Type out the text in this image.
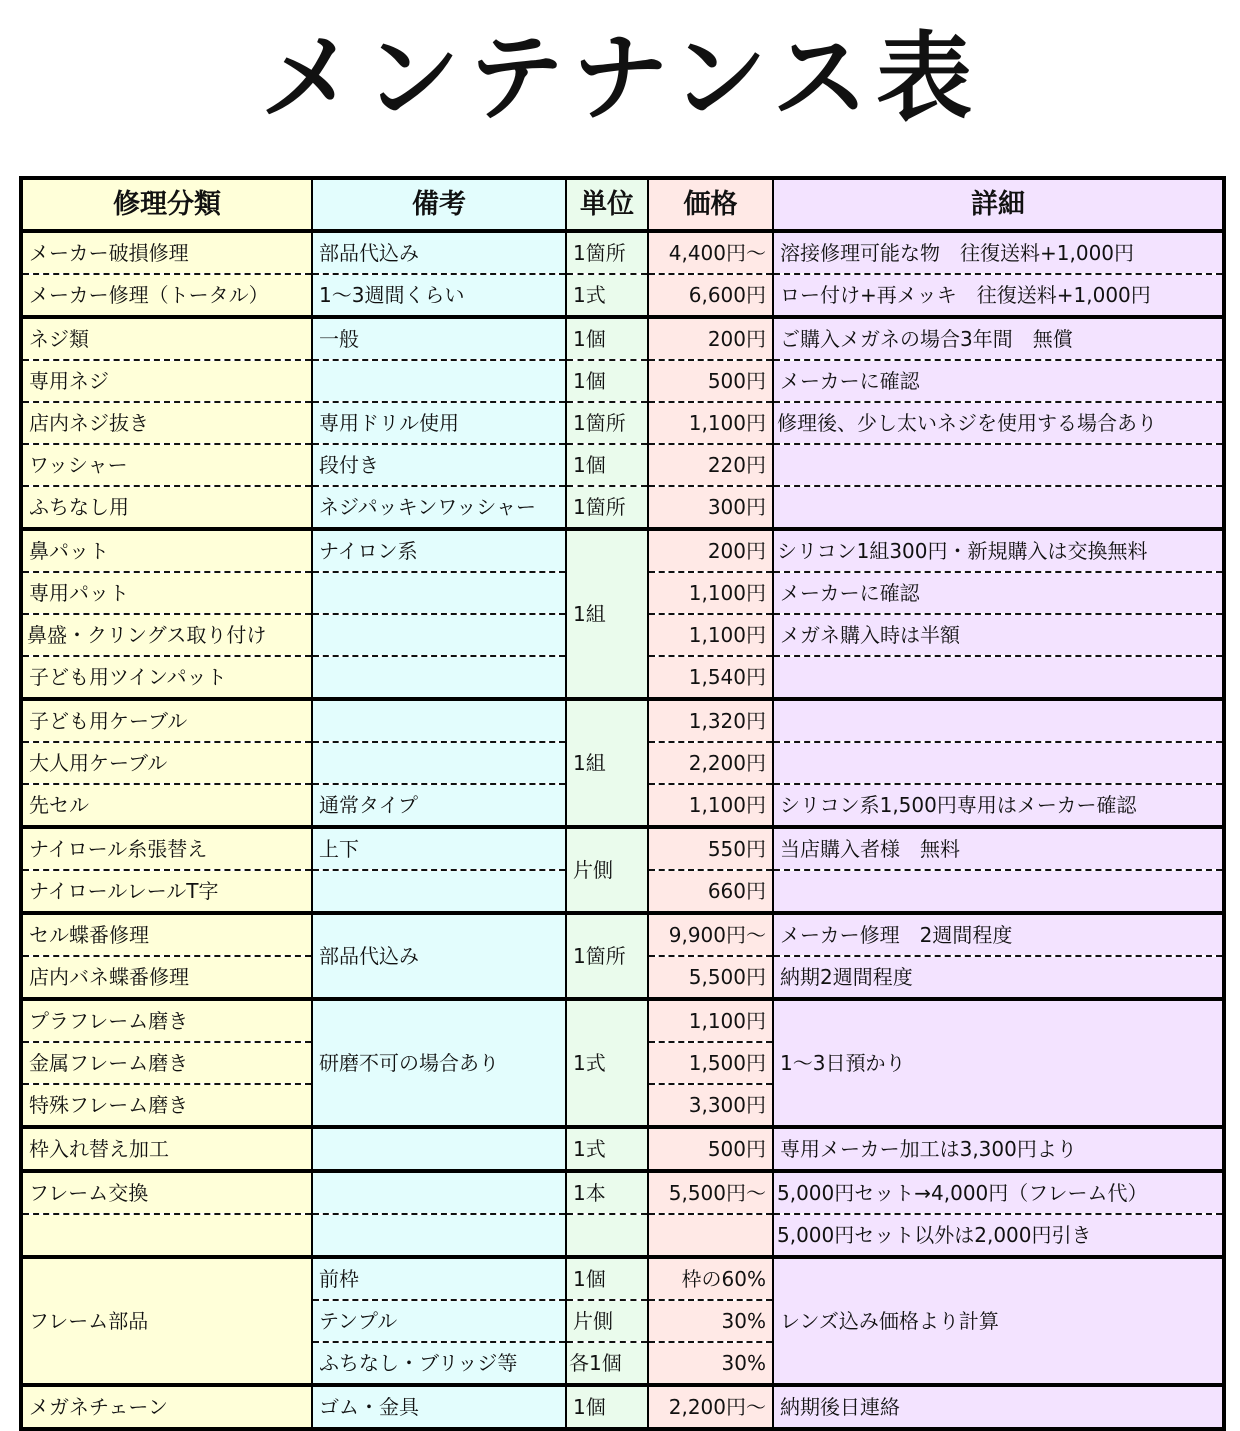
メンテナンス表
修理分類	備考	単位	価格	詳細
メーカー破損修理	部品代込み	1箇所	4,400円～	溶接修理可能な物　往復送料+1,000円
メーカー修理（トータル）	1～3週間くらい	1式	6,600円	ロー付け+再メッキ　往復送料+1,000円
ネジ類	一般	1個	200円	ご購入メガネの場合3年間　無償
専用ネジ		1個	500円	メーカーに確認
店内ネジ抜き	専用ドリル使用	1箇所	1,100円	修理後、少し太いネジを使用する場合あり
ワッシャー	段付き	1個	220円	
ふちなし用	ネジパッキンワッシャー	1箇所	300円	
鼻パット	ナイロン系	1組	200円	シリコン1組300円・新規購入は交換無料
専用パット			1,100円	メーカーに確認
鼻盛・クリングス取り付け			1,100円	メガネ購入時は半額
子ども用ツインパット			1,540円	
子ども用ケーブル		1組	1,320円	
大人用ケーブル			2,200円	
先セル	通常タイプ		1,100円	シリコン系1,500円専用はメーカー確認
ナイロール糸張替え	上下	片側	550円	当店購入者様　無料
ナイロールレールT字			660円	
セル蝶番修理	部品代込み	1箇所	9,900円～	メーカー修理　2週間程度
店内バネ蝶番修理			5,500円	納期2週間程度
プラフレーム磨き	研磨不可の場合あり	1式	1,100円	1～3日預かり
金属フレーム磨き			1,500円	
特殊フレーム磨き			3,300円	
枠入れ替え加工		1式	500円	専用メーカー加工は3,300円より
フレーム交換		1本	5,500円～	5,000円セット→4,000円（フレーム代）
				5,000円セット以外は2,000円引き
フレーム部品	前枠	1個	枠の60%	レンズ込み価格より計算
	テンプル	片側	30%	
	ふちなし・ブリッジ等	各1個	30%	
メガネチェーン	ゴム・金具	1個	2,200円～	納期後日連絡
